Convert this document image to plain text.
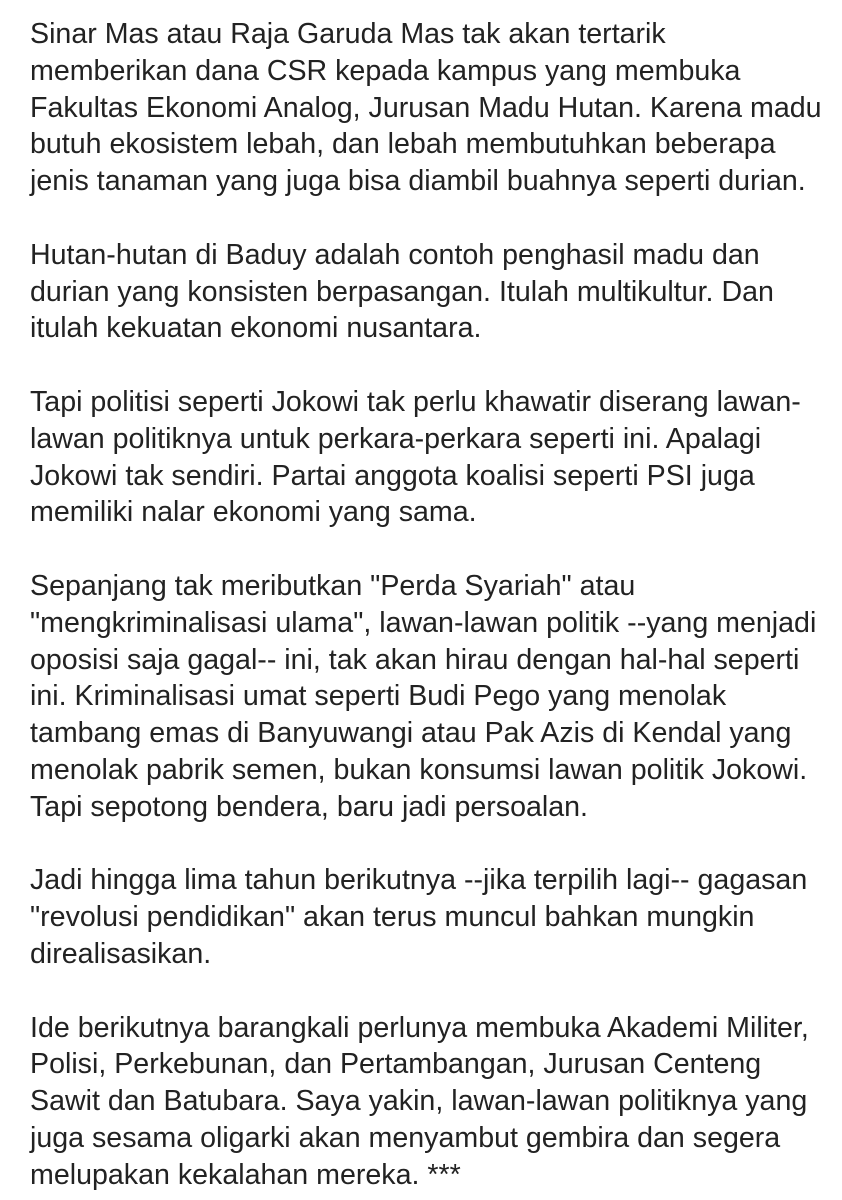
Sinar Mas atau Raja Garuda Mas tak akan tertarik
memberikan dana CSR kepada kampus yang membuka
Fakultas Ekonomi Analog, Jurusan Madu Hutan. Karena madu
butuh ekosistem lebah, dan lebah membutuhkan beberapa
jenis tanaman yang juga bisa diambil buahnya seperti durian.

Hutan-hutan di Baduy adalah contoh penghasil madu dan
durian yang konsisten berpasangan. Itulah multikultur. Dan
itulah kekuatan ekonomi nusantara.

Tapi politisi seperti Jokowi tak perlu khawatir diserang lawan-
lawan politiknya untuk perkara-perkara seperti ini. Apalagi
Jokowi tak sendiri. Partai anggota koalisi seperti PSI juga
memiliki nalar ekonomi yang sama.

Sepanjang tak meributkan "Perda Syariah" atau
"mengkriminalisasi ulama", lawan-lawan politik --yang menjadi
oposisi saja gagal-- ini, tak akan hirau dengan hal-hal seperti
ini. Kriminalisasi umat seperti Budi Pego yang menolak
tambang emas di Banyuwangi atau Pak Azis di Kendal yang
menolak pabrik semen, bukan konsumsi lawan politik Jokowi.
Tapi sepotong bendera, baru jadi persoalan.

Jadi hingga lima tahun berikutnya --jika terpilih lagi-- gagasan
"revolusi pendidikan" akan terus muncul bahkan mungkin
direalisasikan.

Ide berikutnya barangkali perlunya membuka Akademi Militer,
Polisi, Perkebunan, dan Pertambangan, Jurusan Centeng
Sawit dan Batubara. Saya yakin, lawan-lawan politiknya yang
juga sesama oligarki akan menyambut gembira dan segera
melupakan kekalahan mereka. ***
